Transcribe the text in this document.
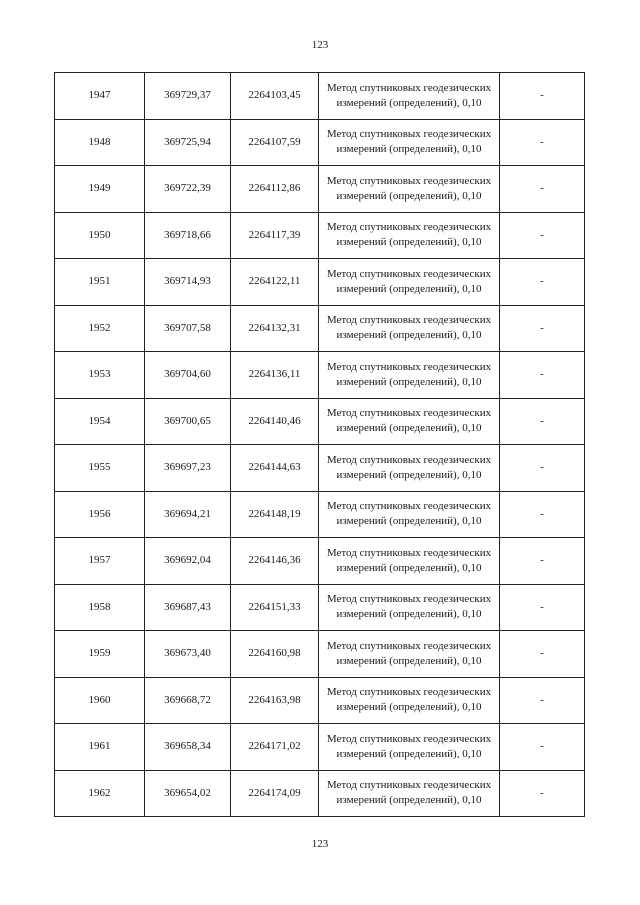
123
1947	369729,37	2264103,45	Метод спутниковых геодезических измерений (определений), 0,10	-
1948	369725,94	2264107,59	Метод спутниковых геодезических измерений (определений), 0,10	-
1949	369722,39	2264112,86	Метод спутниковых геодезических измерений (определений), 0,10	-
1950	369718,66	2264117,39	Метод спутниковых геодезических измерений (определений), 0,10	-
1951	369714,93	2264122,11	Метод спутниковых геодезических измерений (определений), 0,10	-
1952	369707,58	2264132,31	Метод спутниковых геодезических измерений (определений), 0,10	-
1953	369704,60	2264136,11	Метод спутниковых геодезических измерений (определений), 0,10	-
1954	369700,65	2264140,46	Метод спутниковых геодезических измерений (определений), 0,10	-
1955	369697,23	2264144,63	Метод спутниковых геодезических измерений (определений), 0,10	-
1956	369694,21	2264148,19	Метод спутниковых геодезических измерений (определений), 0,10	-
1957	369692,04	2264146,36	Метод спутниковых геодезических измерений (определений), 0,10	-
1958	369687,43	2264151,33	Метод спутниковых геодезических измерений (определений), 0,10	-
1959	369673,40	2264160,98	Метод спутниковых геодезических измерений (определений), 0,10	-
1960	369668,72	2264163,98	Метод спутниковых геодезических измерений (определений), 0,10	-
1961	369658,34	2264171,02	Метод спутниковых геодезических измерений (определений), 0,10	-
1962	369654,02	2264174,09	Метод спутниковых геодезических измерений (определений), 0,10	-
123
